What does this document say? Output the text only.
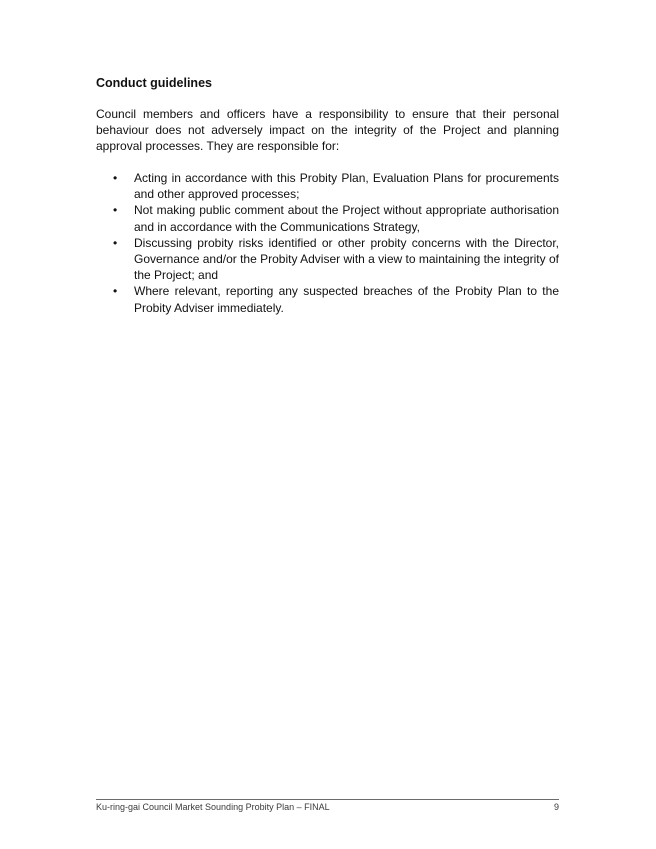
Conduct guidelines

Council members and officers have a responsibility to ensure that their personal behaviour does not adversely impact on the integrity of the Project and planning approval processes. They are responsible for:

• Acting in accordance with this Probity Plan, Evaluation Plans for procurements and other approved processes;
• Not making public comment about the Project without appropriate authorisation and in accordance with the Communications Strategy,
• Discussing probity risks identified or other probity concerns with the Director, Governance and/or the Probity Adviser with a view to maintaining the integrity of the Project; and
• Where relevant, reporting any suspected breaches of the Probity Plan to the Probity Adviser immediately.
Ku-ring-gai Council Market Sounding Probity Plan – FINAL	9
